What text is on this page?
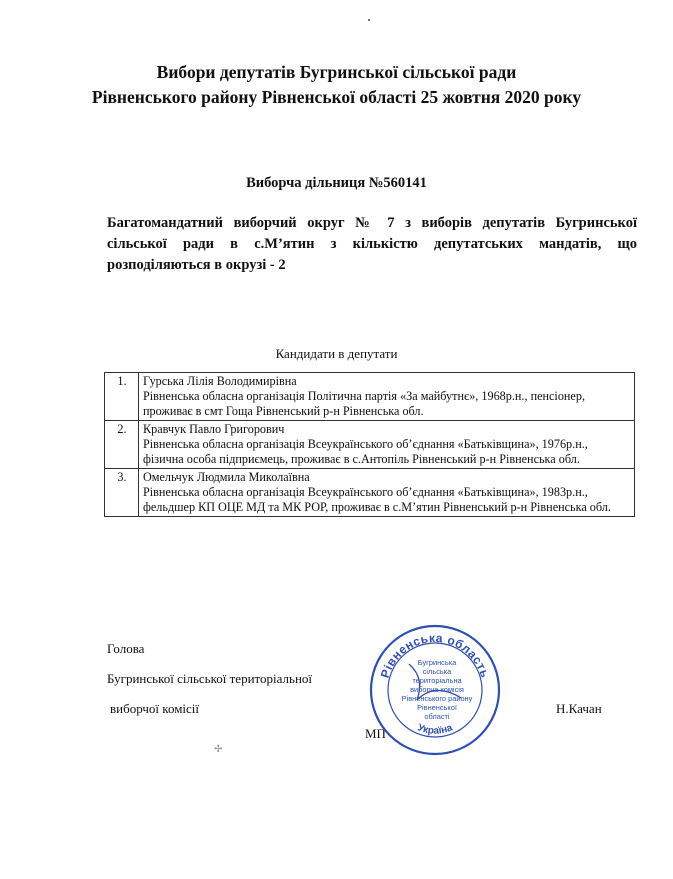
Вибори депутатів Бугринської сільської ради
Рівненського району Рівненської області 25 жовтня 2020 року
Виборча дільниця №560141
Багатомандатний виборчий округ № 7 з виборів депутатів Бугринської сільської ради в с.М’ятин з кількістю депутатських мандатів, що розподіляються в окрузі - 2
Кандидати в депутати
1.	Гурська Лілія Володимирівна
Рівненська обласна організація Політична партія «За майбутнє», 1968р.н., пенсіонер, проживає в смт Гоща Рівненський р-н Рівненська обл.

2.	Кравчук Павло Григорович
Рівненська обласна організація Всеукраїнського об’єднання «Батьківщина», 1976р.н., фізична особа підприємець, проживає в с.Антопіль Рівненський р-н Рівненська обл.

3.	Омельчук Людмила Миколаївна
Рівненська обласна організація Всеукраїнського об’єднання «Батьківщина», 1983р.н., фельдшер КП ОЦЕ МД та МК РОР, проживає в с.М’ятин Рівненський р-н Рівненська обл.
Голова
Бугринської сільської територіальної
виборчої комісії
МП
Н.Качан
✢
Рівненська область
Україна
Бугринська
сільська
територіальна
виборча комісія
Рівненського району
Рівненської
області
